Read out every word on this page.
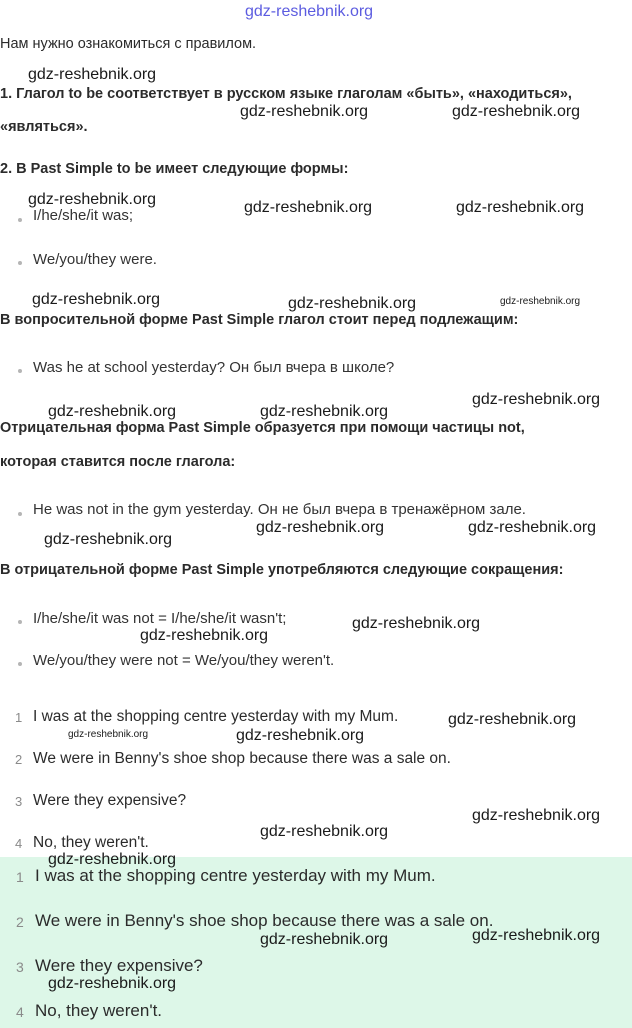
gdz-reshebnik.org
Нам нужно ознакомиться с правилом.
1. Глагол to be соответствует в русском языке глаголам «быть», «находиться»,
«являться».
2. В Past Simple to be имеет следующие формы:
I/he/she/it was;
We/you/they were.
В вопросительной форме Past Simple глагол стоит перед подлежащим:
Was he at school yesterday? Он был вчера в школе?
Отрицательная форма Past Simple образуется при помощи частицы not,
которая ставится после глагола:
He was not in the gym yesterday. Он не был вчера в тренажёрном зале.
В отрицательной форме Past Simple употребляются следующие сокращения:
I/he/she/it was not = I/he/she/it wasn't;
We/you/they were not = We/you/they weren't.
1 I was at the shopping centre yesterday with my Mum.
2 We were in Benny's shoe shop because there was a sale on.
3 Were they expensive?
4 No, they weren't.
1 I was at the shopping centre yesterday with my Mum.
2 We were in Benny's shoe shop because there was a sale on.
3 Were they expensive?
4 No, they weren't.
gdz-reshebnik.org
gdz-reshebnik.org	gdz-reshebnik.org
gdz-reshebnik.org	gdz-reshebnik.org	gdz-reshebnik.org
gdz-reshebnik.org	gdz-reshebnik.org	gdz-reshebnik.org
gdz-reshebnik.org
gdz-reshebnik.org	gdz-reshebnik.org
gdz-reshebnik.org	gdz-reshebnik.org
gdz-reshebnik.org
gdz-reshebnik.org
gdz-reshebnik.org
gdz-reshebnik.org
gdz-reshebnik.org	gdz-reshebnik.org
gdz-reshebnik.org
gdz-reshebnik.org
gdz-reshebnik.org
gdz-reshebnik.org
gdz-reshebnik.org
gdz-reshebnik.org
